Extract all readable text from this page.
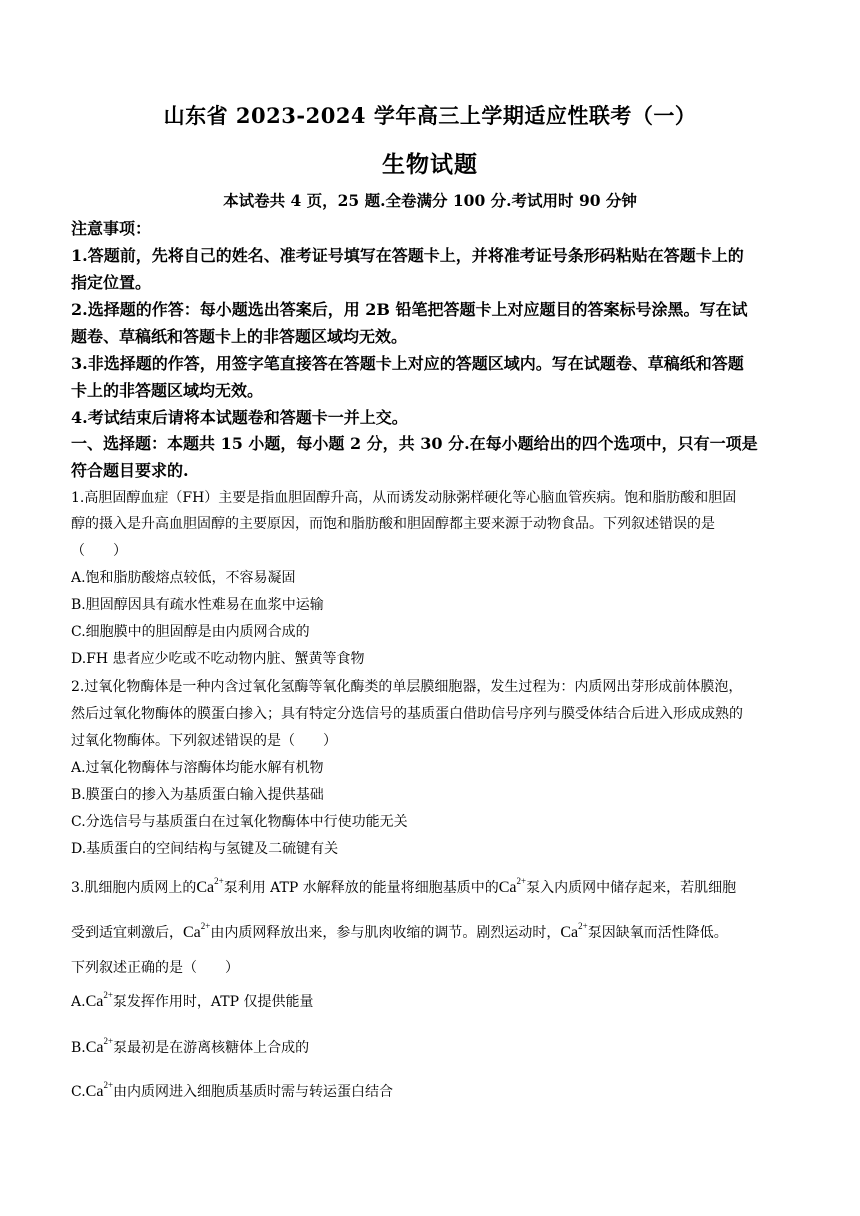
山东省 2023-2024 学年高三上学期适应性联考（一）
生物试题
本试卷共 4 页，25 题.全卷满分 100 分.考试用时 90 分钟
注意事项：
1.答题前，先将自己的姓名、准考证号填写在答题卡上，并将准考证号条形码粘贴在答题卡上的
指定位置。
2.选择题的作答：每小题选出答案后，用 2B 铅笔把答题卡上对应题目的答案标号涂黑。写在试
题卷、草稿纸和答题卡上的非答题区域均无效。
3.非选择题的作答，用签字笔直接答在答题卡上对应的答题区域内。写在试题卷、草稿纸和答题
卡上的非答题区域均无效。
4.考试结束后请将本试题卷和答题卡一并上交。
一、选择题：本题共 15 小题，每小题 2 分，共 30 分.在每小题给出的四个选项中，只有一项是
符合题目要求的.
1.高胆固醇血症（FH）主要是指血胆固醇升高，从而诱发动脉粥样硬化等心脑血管疾病。饱和脂肪酸和胆固
醇的摄入是升高血胆固醇的主要原因，而饱和脂肪酸和胆固醇都主要来源于动物食品。下列叙述错误的是
（　　）
A.饱和脂肪酸熔点较低，不容易凝固
B.胆固醇因具有疏水性难易在血浆中运输
C.细胞膜中的胆固醇是由内质网合成的
D.FH 患者应少吃或不吃动物内脏、蟹黄等食物
2.过氧化物酶体是一种内含过氧化氢酶等氧化酶类的单层膜细胞器，发生过程为：内质网出芽形成前体膜泡，
然后过氧化物酶体的膜蛋白掺入；具有特定分选信号的基质蛋白借助信号序列与膜受体结合后进入形成成熟的
过氧化物酶体。下列叙述错误的是（　　）
A.过氧化物酶体与溶酶体均能水解有机物
B.膜蛋白的掺入为基质蛋白输入提供基础
C.分选信号与基质蛋白在过氧化物酶体中行使功能无关
D.基质蛋白的空间结构与氢键及二硫键有关
3.肌细胞内质网上的$Ca^{2+}$泵利用 ATP 水解释放的能量将细胞基质中的$Ca^{2+}$泵入内质网中储存起来，若肌细胞
受到适宜刺激后，$Ca^{2+}$由内质网释放出来，参与肌肉收缩的调节。剧烈运动时，$Ca^{2+}$泵因缺氧而活性降低。
下列叙述正确的是（　　）
$A.Ca^{2+}$泵发挥作用时，ATP 仅提供能量
$B.Ca^{2+}$泵最初是在游离核糖体上合成的
$C.Ca^{2+}$由内质网进入细胞质基质时需与转运蛋白结合
